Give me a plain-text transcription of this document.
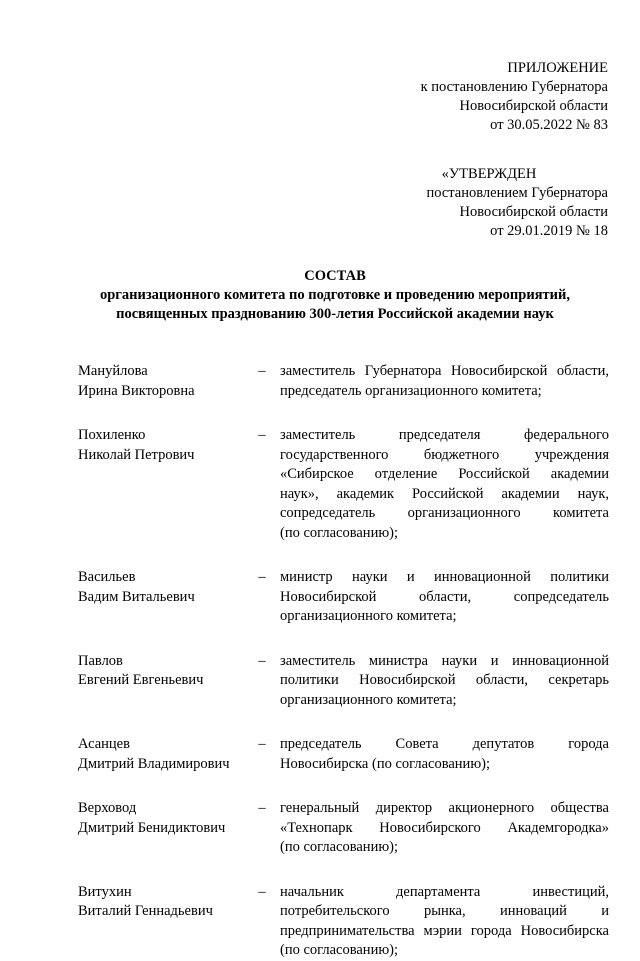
ПРИЛОЖЕНИЕ
к постановлению Губернатора
Новосибирской области
от 30.05.2022 № 83
«УТВЕРЖДЕН
постановлением Губернатора
Новосибирской области
от 29.01.2019 № 18
СОСТАВ
организационного комитета по подготовке и проведению мероприятий,
посвященных празднованию 300-летия Российской академии наук
Мануйлова
Ирина Викторовна
– заместитель Губернатора Новосибирской области,
председатель организационного комитета;
Похиленко
Николай Петрович
– заместитель председателя федерального
государственного бюджетного учреждения
«Сибирское отделение Российской академии
наук», академик Российской академии наук,
сопредседатель организационного комитета
(по согласованию);
Васильев
Вадим Витальевич
– министр науки и инновационной политики
Новосибирской области, сопредседатель
организационного комитета;
Павлов
Евгений Евгеньевич
– заместитель министра науки и инновационной
политики Новосибирской области, секретарь
организационного комитета;
Асанцев
Дмитрий Владимирович
– председатель Совета депутатов города
Новосибирска (по согласованию);
Верховод
Дмитрий Бенидиктович
– генеральный директор акционерного общества
«Технопарк Новосибирского Академгородка»
(по согласованию);
Витухин
Виталий Геннадьевич
– начальник департамента инвестиций,
потребительского рынка, инноваций и
предпринимательства мэрии города Новосибирска
(по согласованию);
